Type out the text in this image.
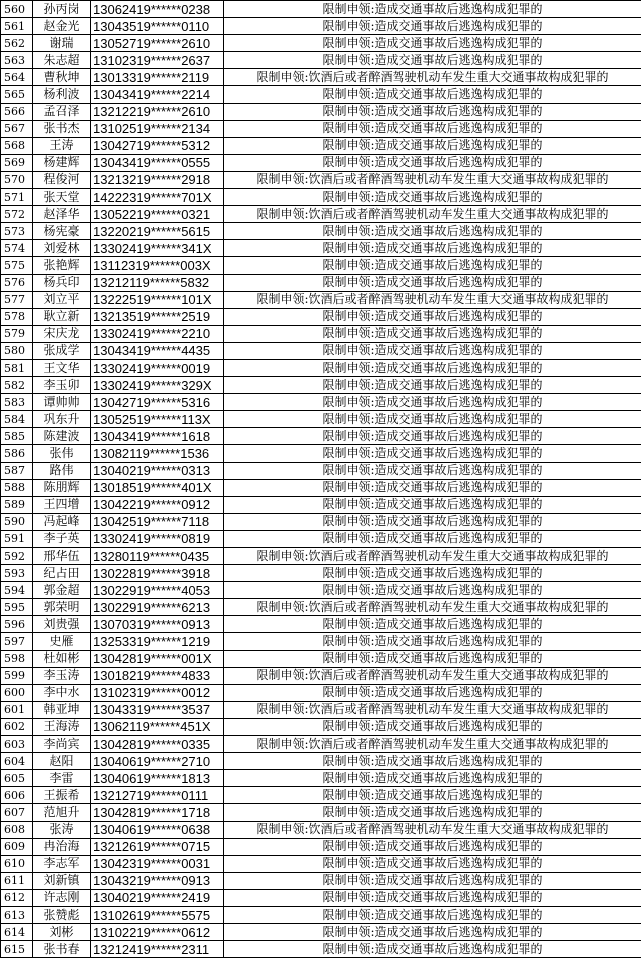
560	孙丙岗	13062419******0238	限制申领:造成交通事故后逃逸构成犯罪的
561	赵金光	13043519******0110	限制申领:造成交通事故后逃逸构成犯罪的
562	谢瑞	13052719******2610	限制申领:造成交通事故后逃逸构成犯罪的
563	朱志超	13102319******2637	限制申领:造成交通事故后逃逸构成犯罪的
564	曹秋坤	13013319******2119	限制申领:饮酒后或者醉酒驾驶机动车发生重大交通事故构成犯罪的
565	杨利波	13043419******2214	限制申领:造成交通事故后逃逸构成犯罪的
566	孟召泽	13212219******2610	限制申领:造成交通事故后逃逸构成犯罪的
567	张书杰	13102519******2134	限制申领:造成交通事故后逃逸构成犯罪的
568	王涛	13042719******5312	限制申领:造成交通事故后逃逸构成犯罪的
569	杨建辉	13043419******0555	限制申领:造成交通事故后逃逸构成犯罪的
570	程俊河	13213219******2918	限制申领:饮酒后或者醉酒驾驶机动车发生重大交通事故构成犯罪的
571	张天堂	14222319******701X	限制申领:造成交通事故后逃逸构成犯罪的
572	赵泽华	13052219******0321	限制申领:饮酒后或者醉酒驾驶机动车发生重大交通事故构成犯罪的
573	杨宪豪	13220219******5615	限制申领:造成交通事故后逃逸构成犯罪的
574	刘爱林	13302419******341X	限制申领:造成交通事故后逃逸构成犯罪的
575	张艳辉	13112319******003X	限制申领:造成交通事故后逃逸构成犯罪的
576	杨兵印	13212119******5832	限制申领:造成交通事故后逃逸构成犯罪的
577	刘立平	13222519******101X	限制申领:饮酒后或者醉酒驾驶机动车发生重大交通事故构成犯罪的
578	耿立新	13213519******2519	限制申领:造成交通事故后逃逸构成犯罪的
579	宋庆龙	13302419******2210	限制申领:造成交通事故后逃逸构成犯罪的
580	张成学	13043419******4435	限制申领:造成交通事故后逃逸构成犯罪的
581	王文华	13302419******0019	限制申领:造成交通事故后逃逸构成犯罪的
582	李玉卯	13302419******329X	限制申领:造成交通事故后逃逸构成犯罪的
583	谭帅帅	13042719******5316	限制申领:造成交通事故后逃逸构成犯罪的
584	巩东升	13052519******113X	限制申领:造成交通事故后逃逸构成犯罪的
585	陈建波	13043419******1618	限制申领:造成交通事故后逃逸构成犯罪的
586	张伟	13082119******1536	限制申领:造成交通事故后逃逸构成犯罪的
587	路伟	13040219******0313	限制申领:造成交通事故后逃逸构成犯罪的
588	陈朋辉	13018519******401X	限制申领:造成交通事故后逃逸构成犯罪的
589	王四增	13042219******0912	限制申领:造成交通事故后逃逸构成犯罪的
590	冯起峰	13042519******7118	限制申领:造成交通事故后逃逸构成犯罪的
591	李子英	13302419******0819	限制申领:造成交通事故后逃逸构成犯罪的
592	邢华伍	13280119******0435	限制申领:饮酒后或者醉酒驾驶机动车发生重大交通事故构成犯罪的
593	纪占田	13022819******3918	限制申领:造成交通事故后逃逸构成犯罪的
594	郭金超	13022919******4053	限制申领:造成交通事故后逃逸构成犯罪的
595	郭荣明	13022919******6213	限制申领:饮酒后或者醉酒驾驶机动车发生重大交通事故构成犯罪的
596	刘贵强	13070319******0913	限制申领:造成交通事故后逃逸构成犯罪的
597	史雁	13253319******1219	限制申领:造成交通事故后逃逸构成犯罪的
598	杜如彬	13042819******001X	限制申领:造成交通事故后逃逸构成犯罪的
599	李玉涛	13018219******4833	限制申领:饮酒后或者醉酒驾驶机动车发生重大交通事故构成犯罪的
600	李中水	13102319******0012	限制申领:造成交通事故后逃逸构成犯罪的
601	韩亚坤	13043319******3537	限制申领:饮酒后或者醉酒驾驶机动车发生重大交通事故构成犯罪的
602	王海涛	13062119******451X	限制申领:造成交通事故后逃逸构成犯罪的
603	李尚宾	13042819******0335	限制申领:饮酒后或者醉酒驾驶机动车发生重大交通事故构成犯罪的
604	赵阳	13040619******2710	限制申领:造成交通事故后逃逸构成犯罪的
605	李雷	13040619******1813	限制申领:造成交通事故后逃逸构成犯罪的
606	王振希	13212719******0111	限制申领:造成交通事故后逃逸构成犯罪的
607	范旭升	13042819******1718	限制申领:造成交通事故后逃逸构成犯罪的
608	张涛	13040619******0638	限制申领:饮酒后或者醉酒驾驶机动车发生重大交通事故构成犯罪的
609	冉治海	13212619******0715	限制申领:造成交通事故后逃逸构成犯罪的
610	李志军	13042319******0031	限制申领:造成交通事故后逃逸构成犯罪的
611	刘新镇	13043219******0913	限制申领:造成交通事故后逃逸构成犯罪的
612	许志刚	13040219******2419	限制申领:造成交通事故后逃逸构成犯罪的
613	张赞彪	13102619******5575	限制申领:造成交通事故后逃逸构成犯罪的
614	刘彬	13102219******0612	限制申领:造成交通事故后逃逸构成犯罪的
615	张书春	13212419******2311	限制申领:造成交通事故后逃逸构成犯罪的
